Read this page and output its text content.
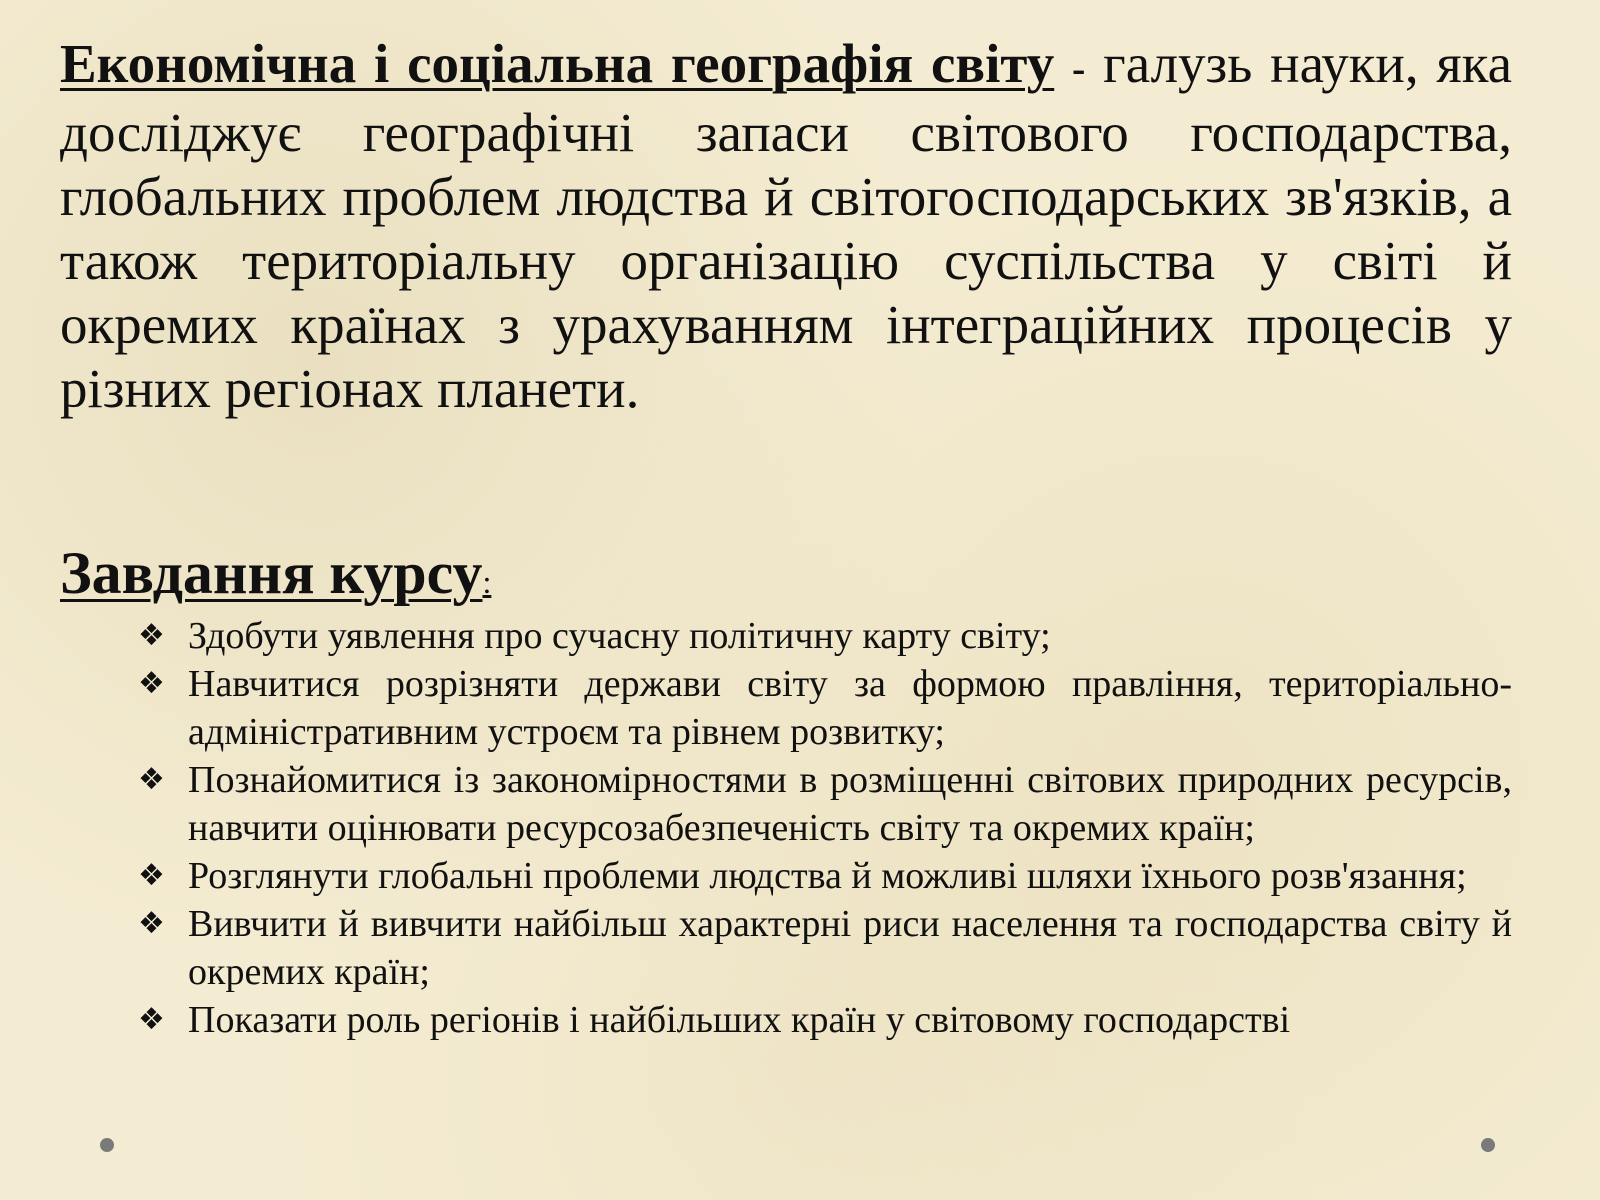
Економічна і соціальна географія світу - галузь науки, яка досліджує географічні запаси світового господарства, глобальних проблем людства й світогосподарських зв'язків, а також територіальну організацію суспільства у світі й окремих країнах з урахуванням інтеграційних процесів у різних регіонах планети.

Завдання курсу:
❖ Здобути уявлення про сучасну політичну карту світу;
❖ Навчитися розрізняти держави світу за формою правління, територіально-адміністративним устроєм та рівнем розвитку;
❖ Познайомитися із закономірностями в розміщенні світових природних ресурсів, навчити оцінювати ресурсозабезпеченість світу та окремих країн;
❖ Розглянути глобальні проблеми людства й можливі шляхи їхнього розв'язання;
❖ Вивчити й вивчити найбільш характерні риси населення та господарства світу й окремих країн;
❖ Показати роль регіонів і найбільших країн у світовому господарстві
